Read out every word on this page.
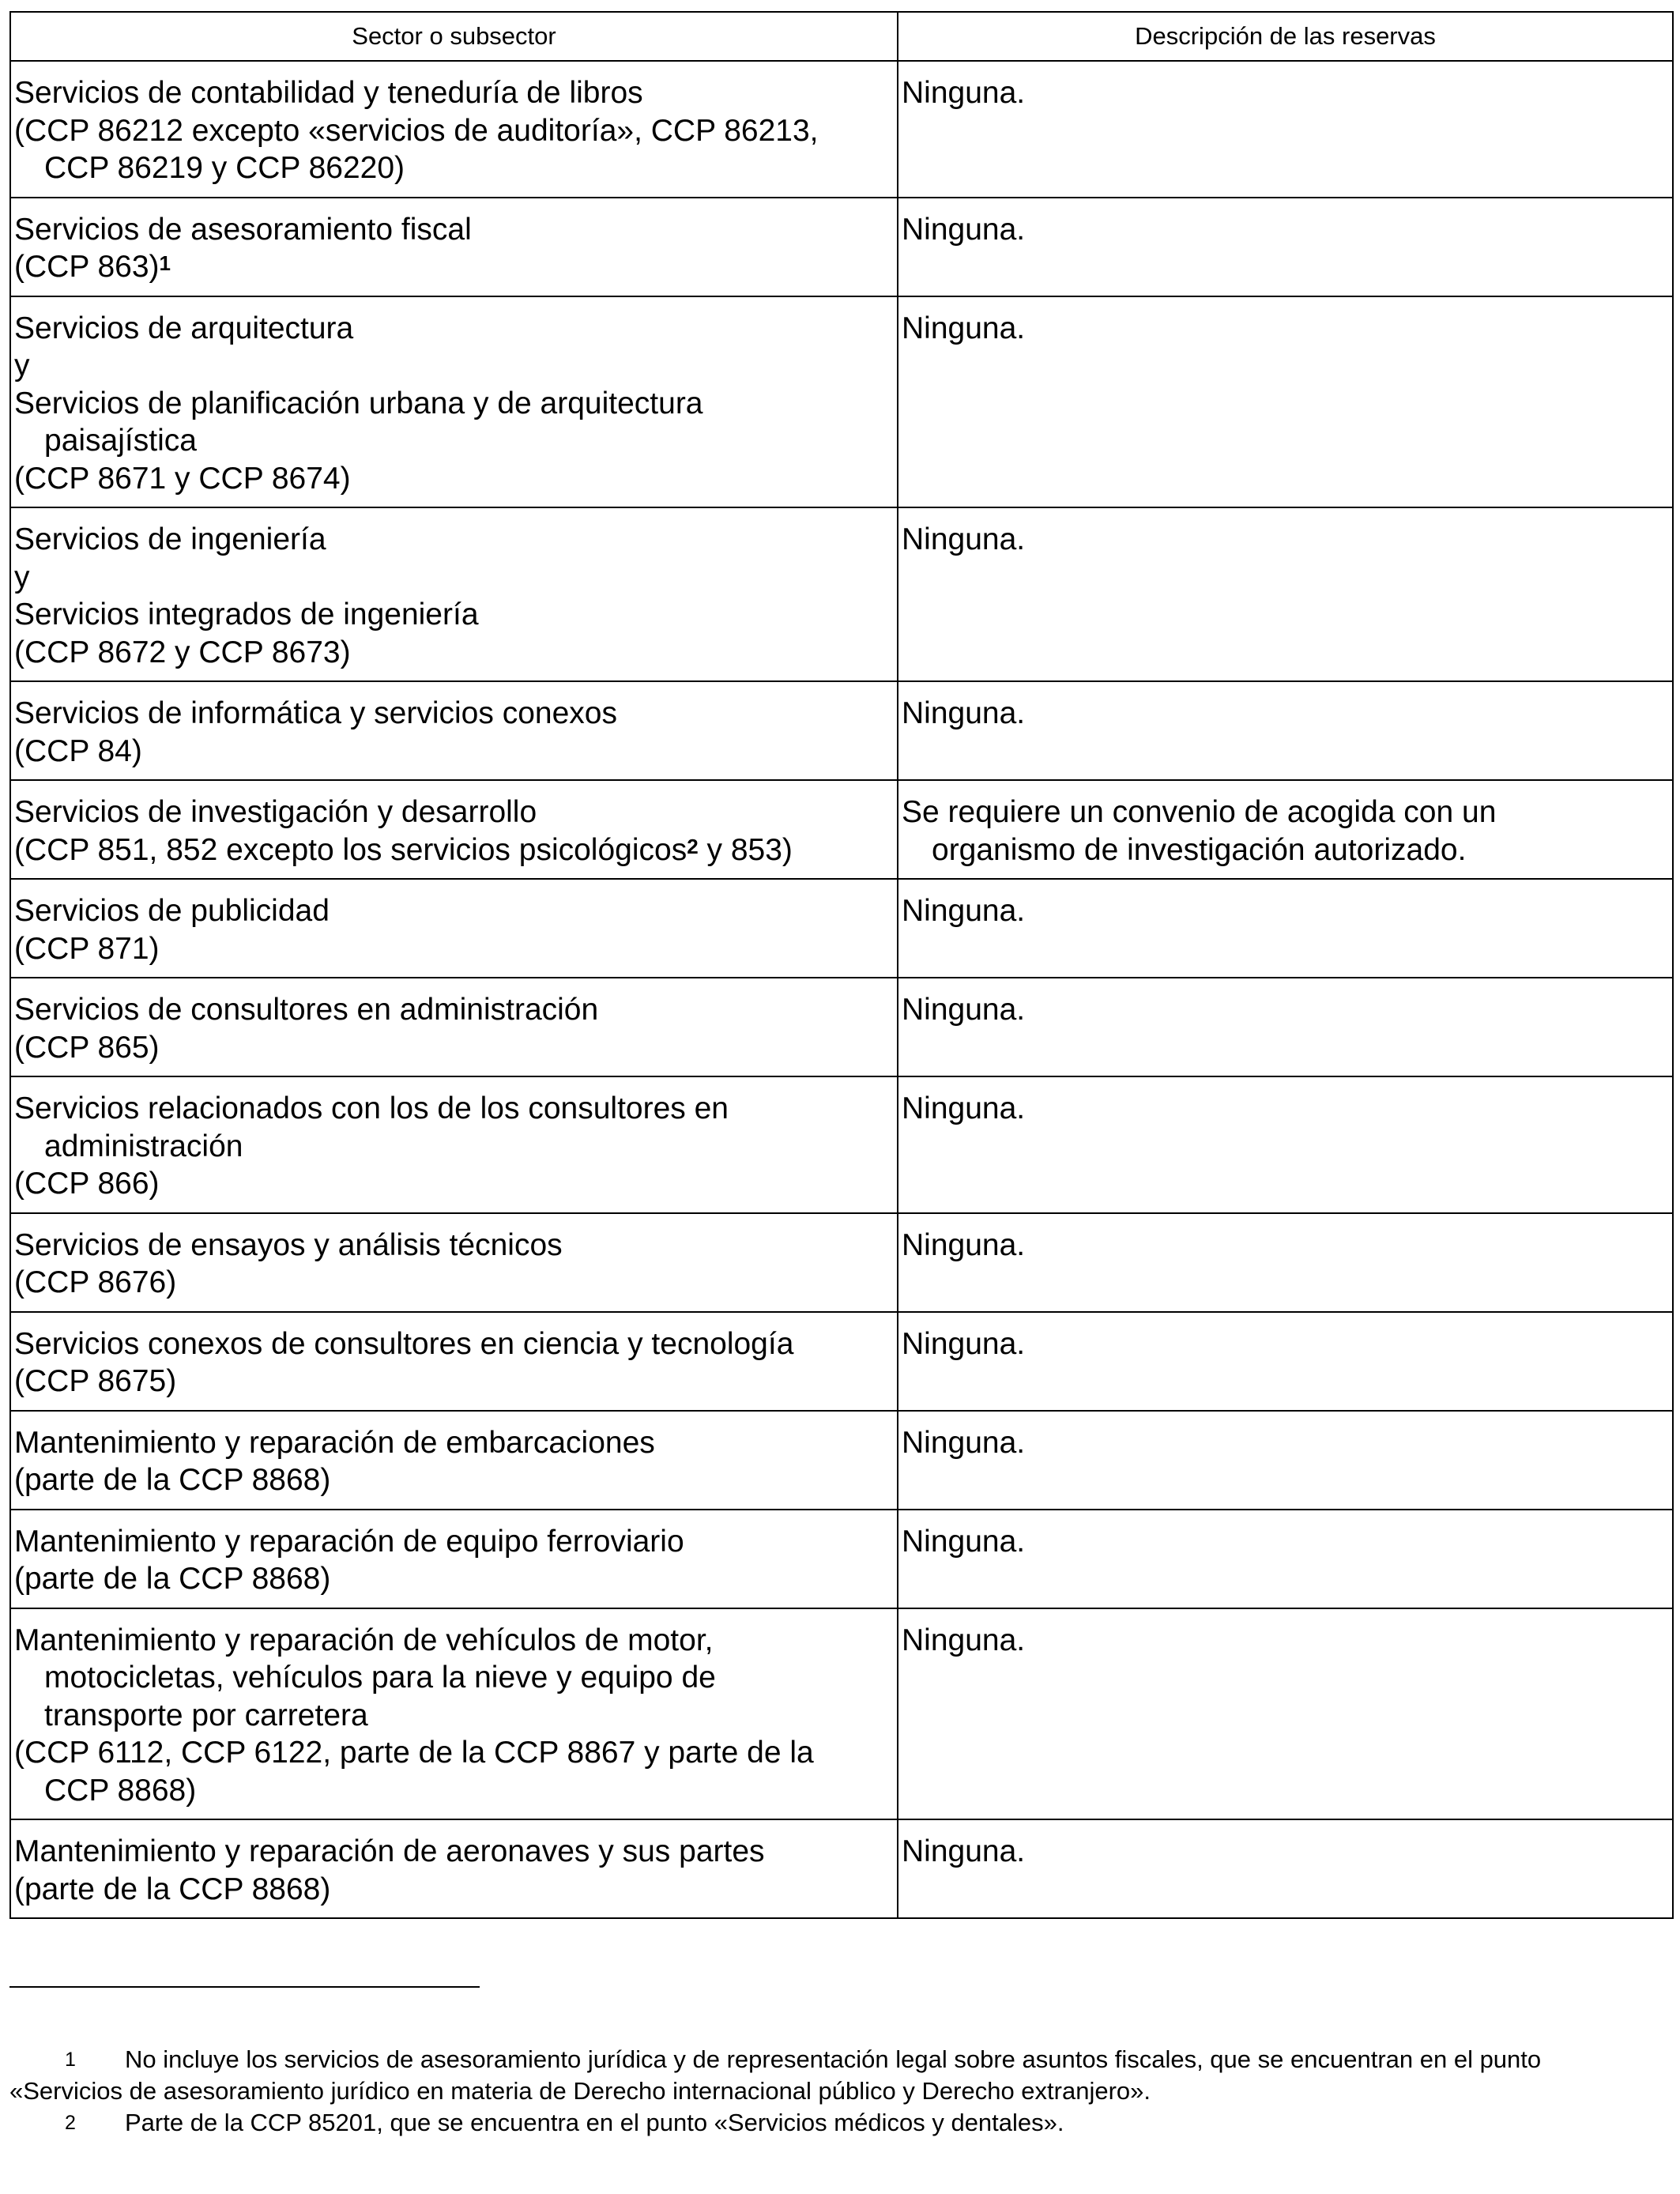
Sector o subsector	Descripción de las reservas

Servicios de contabilidad y teneduría de libros
(CCP 86212 excepto «servicios de auditoría», CCP 86213,
CCP 86219 y CCP 86220)	Ninguna.

Servicios de asesoramiento fiscal
(CCP 863)$^1$	Ninguna.

Servicios de arquitectura
y
Servicios de planificación urbana y de arquitectura
paisajística
(CCP 8671 y CCP 8674)	Ninguna.

Servicios de ingeniería
y
Servicios integrados de ingeniería
(CCP 8672 y CCP 8673)	Ninguna.

Servicios de informática y servicios conexos
(CCP 84)	Ninguna.

Servicios de investigación y desarrollo
(CCP 851, 852 excepto los servicios psicológicos$^2$ y 853)	Se requiere un convenio de acogida con un
organismo de investigación autorizado.

Servicios de publicidad
(CCP 871)	Ninguna.

Servicios de consultores en administración
(CCP 865)	Ninguna.

Servicios relacionados con los de los consultores en
administración
(CCP 866)	Ninguna.

Servicios de ensayos y análisis técnicos
(CCP 8676)	Ninguna.

Servicios conexos de consultores en ciencia y tecnología
(CCP 8675)	Ninguna.

Mantenimiento y reparación de embarcaciones
(parte de la CCP 8868)	Ninguna.

Mantenimiento y reparación de equipo ferroviario
(parte de la CCP 8868)	Ninguna.

Mantenimiento y reparación de vehículos de motor,
motocicletas, vehículos para la nieve y equipo de
transporte por carretera
(CCP 6112, CCP 6122, parte de la CCP 8867 y parte de la
CCP 8868)	Ninguna.

Mantenimiento y reparación de aeronaves y sus partes
(parte de la CCP 8868)	Ninguna.
1 No incluye los servicios de asesoramiento jurídica y de representación legal sobre asuntos fiscales, que se encuentran en el punto
«Servicios de asesoramiento jurídico en materia de Derecho internacional público y Derecho extranjero».
2 Parte de la CCP 85201, que se encuentra en el punto «Servicios médicos y dentales».
